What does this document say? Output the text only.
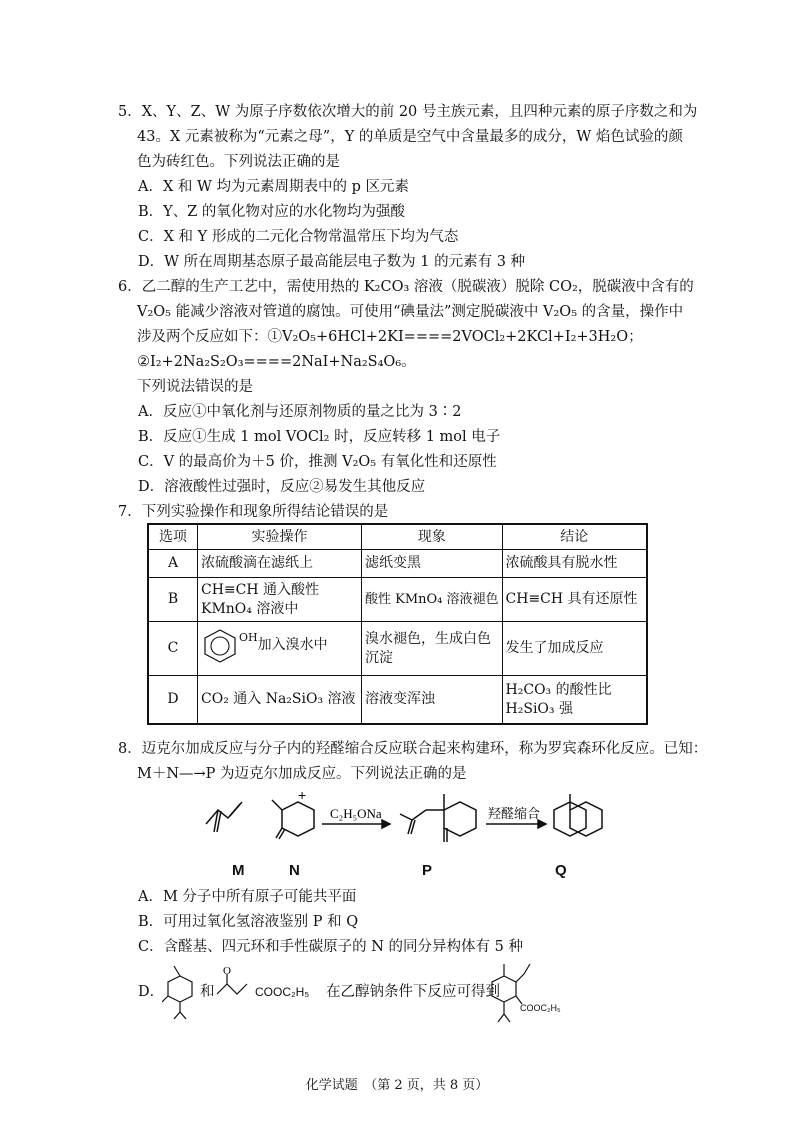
5．X、Y、Z、W 为原子序数依次增大的前 20 号主族元素，且四种元素的原子序数之和为
43。X 元素被称为“元素之母”，Y 的单质是空气中含量最多的成分，W 焰色试验的颜
色为砖红色。下列说法正确的是
A．X 和 W 均为元素周期表中的 p 区元素
B．Y、Z 的氧化物对应的水化物均为强酸
C．X 和 Y 形成的二元化合物常温常压下均为气态
D．W 所在周期基态原子最高能层电子数为 1 的元素有 3 种
6．乙二醇的生产工艺中，需使用热的 K₂CO₃ 溶液（脱碳液）脱除 CO₂，脱碳液中含有的
V₂O₅ 能减少溶液对管道的腐蚀。可使用“碘量法”测定脱碳液中 V₂O₅ 的含量，操作中
涉及两个反应如下：①V₂O₅+6HCl+2KI====2VOCl₂+2KCl+I₂+3H₂O；
②I₂+2Na₂S₂O₃====2NaI+Na₂S₄O₆。
下列说法错误的是
A．反应①中氧化剂与还原剂物质的量之比为 3∶2
B．反应①生成 1 mol VOCl₂ 时，反应转移 1 mol 电子
C．V 的最高价为＋5 价，推测 V₂O₅ 有氧化性和还原性
D．溶液酸性过强时，反应②易发生其他反应
7．下列实验操作和现象所得结论错误的是
选项	实验操作	现象	结论
A	浓硫酸滴在滤纸上	滤纸变黑	浓硫酸具有脱水性
B	CH≡CH 通入酸性 KMnO₄ 溶液中	酸性 KMnO₄ 溶液褪色	CH≡CH 具有还原性
C	OH 加入溴水中	溴水褪色，生成白色沉淀	发生了加成反应
D	CO₂ 通入 Na₂SiO₃ 溶液	溶液变浑浊	H₂CO₃ 的酸性比 H₂SiO₃ 强
8．迈克尔加成反应与分子内的羟醛缩合反应联合起来构建环，称为罗宾森环化反应。已知：
M＋N—→P 为迈克尔加成反应。下列说法正确的是
+
C₂H₅ONa	羟醛缩合
M	N	P	Q
A．M 分子中所有原子可能共平面
B．可用过氧化氢溶液鉴别 P 和 Q
C．含醛基、四元环和手性碳原子的 N 的同分异构体有 5 种
D． 和
O
COOC₂H₅ 在乙醇钠条件下反应可得到
COOC₂H₅
化学试题　（第 2 页，共 8 页）
